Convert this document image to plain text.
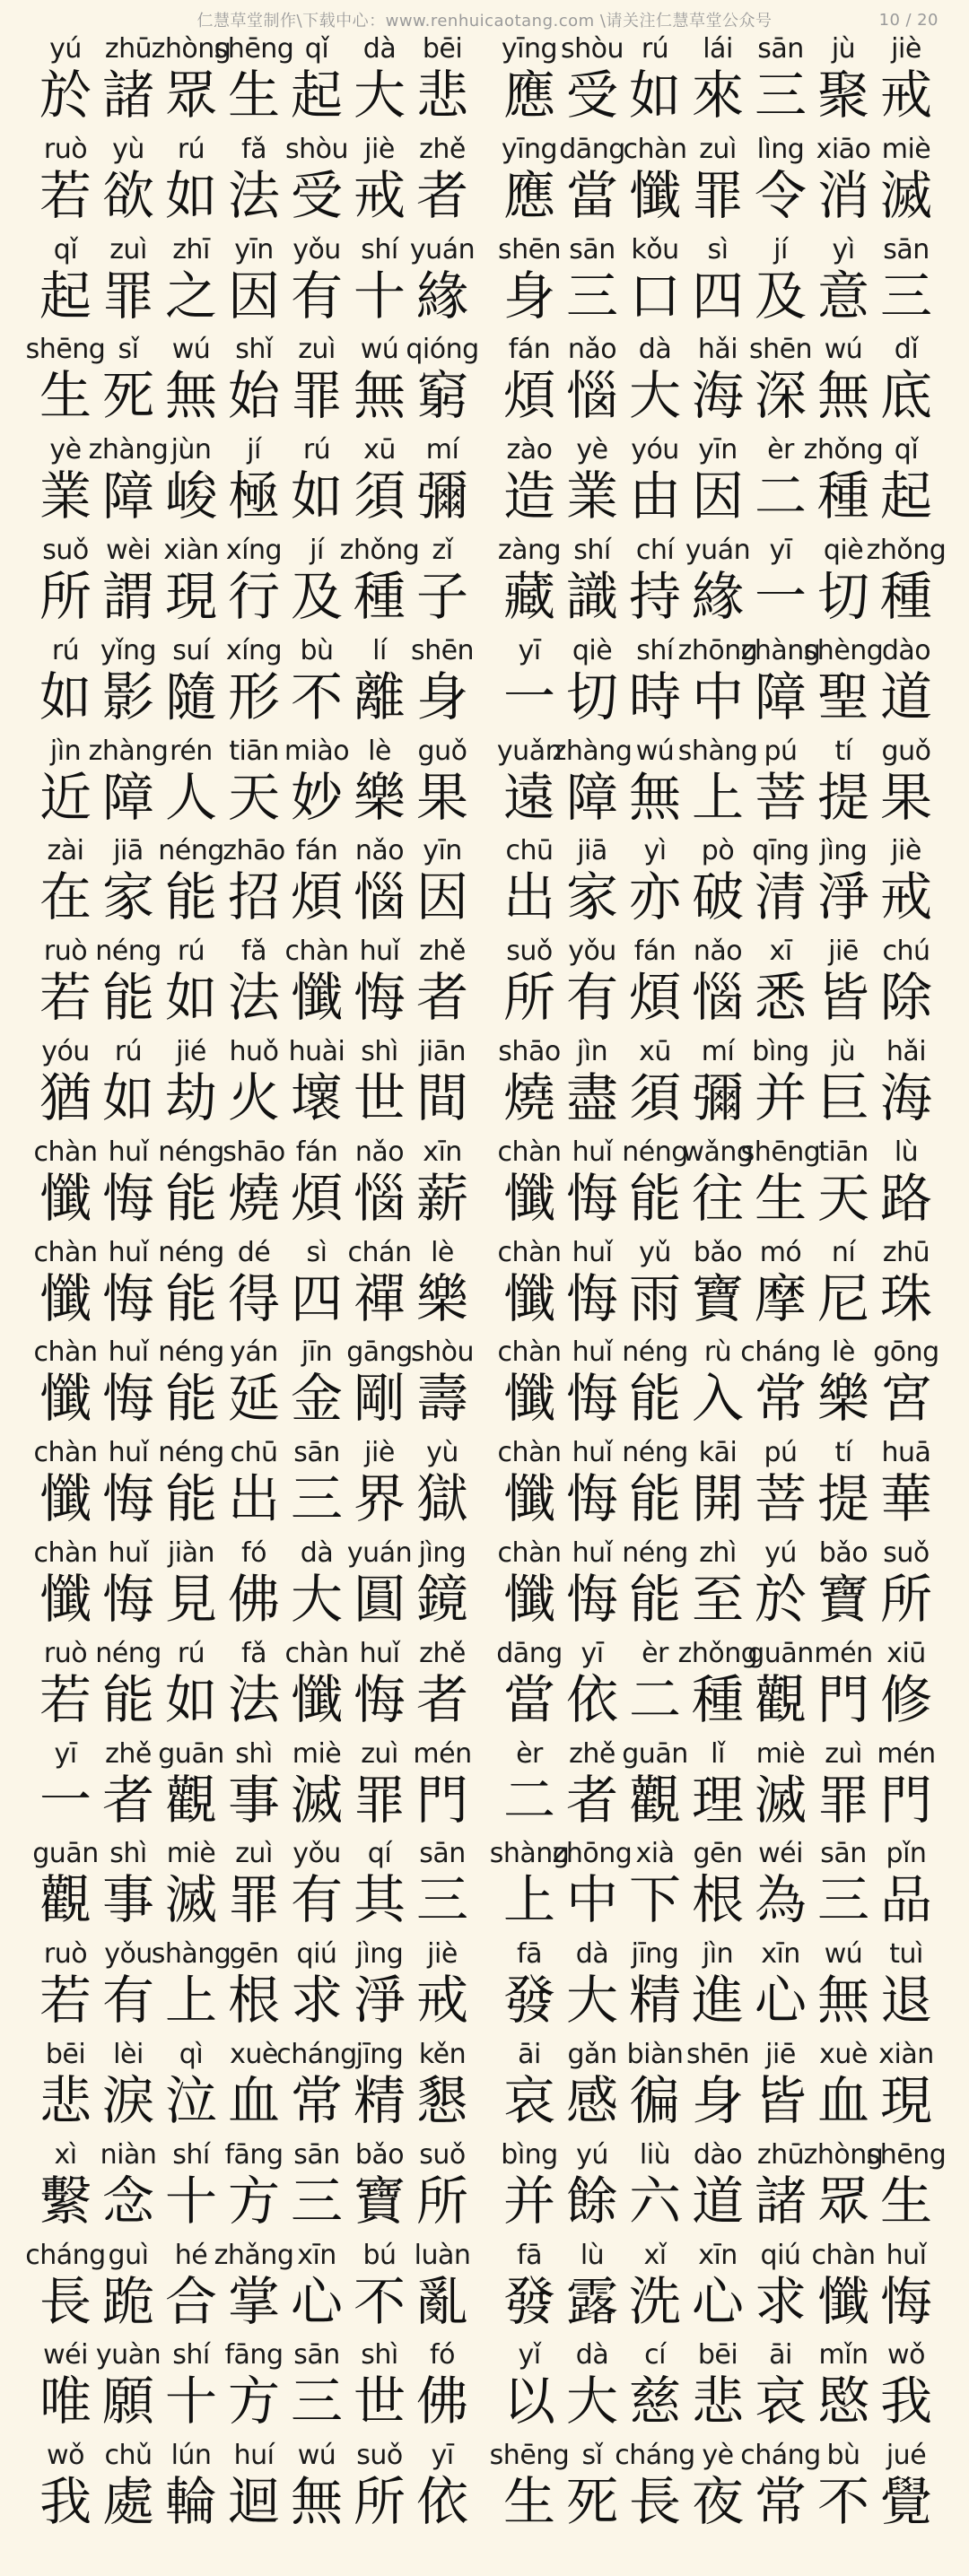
仁慧草堂制作\下载中心：www.renhuicaotang.com \请关注仁慧草堂公众号	10 / 20
yú
於
zhū
諸
zhòng
眾
shēng
生
qǐ
起
dà
大
bēi
悲
ruò
若
yù
欲
rú
如
fǎ
法
shòu
受
jiè
戒
zhě
者
qǐ
起
zuì
罪
zhī
之
yīn
因
yǒu
有
shí
十
yuán
緣
shēng
生
sǐ
死
wú
無
shǐ
始
zuì
罪
wú
無
qióng
窮
yè
業
zhàng
障
jùn
峻
jí
極
rú
如
xū
須
mí
彌
suǒ
所
wèi
謂
xiàn
現
xíng
行
jí
及
zhǒng
種
zǐ
子
rú
如
yǐng
影
suí
隨
xíng
形
bù
不
lí
離
shēn
身
jìn
近
zhàng
障
rén
人
tiān
天
miào
妙
lè
樂
guǒ
果
zài
在
jiā
家
néng
能
zhāo
招
fán
煩
nǎo
惱
yīn
因
ruò
若
néng
能
rú
如
fǎ
法
chàn
懺
huǐ
悔
zhě
者
yóu
猶
rú
如
jié
劫
huǒ
火
huài
壞
shì
世
jiān
間
chàn
懺
huǐ
悔
néng
能
shāo
燒
fán
煩
nǎo
惱
xīn
薪
chàn
懺
huǐ
悔
néng
能
dé
得
sì
四
chán
禪
lè
樂
chàn
懺
huǐ
悔
néng
能
yán
延
jīn
金
gāng
剛
shòu
壽
chàn
懺
huǐ
悔
néng
能
chū
出
sān
三
jiè
界
yù
獄
chàn
懺
huǐ
悔
jiàn
見
fó
佛
dà
大
yuán
圓
jìng
鏡
ruò
若
néng
能
rú
如
fǎ
法
chàn
懺
huǐ
悔
zhě
者
yī
一
zhě
者
guān
觀
shì
事
miè
滅
zuì
罪
mén
門
guān
觀
shì
事
miè
滅
zuì
罪
yǒu
有
qí
其
sān
三
ruò
若
yǒu
有
shàng
上
gēn
根
qiú
求
jìng
淨
jiè
戒
bēi
悲
lèi
淚
qì
泣
xuè
血
cháng
常
jīng
精
kěn
懇
xì
繫
niàn
念
shí
十
fāng
方
sān
三
bǎo
寶
suǒ
所
cháng
長
guì
跪
hé
合
zhǎng
掌
xīn
心
bú
不
luàn
亂
wéi
唯
yuàn
願
shí
十
fāng
方
sān
三
shì
世
fó
佛
wǒ
我
chǔ
處
lún
輪
huí
迴
wú
無
suǒ
所
yī
依
yīng
應
shòu
受
rú
如
lái
來
sān
三
jù
聚
jiè
戒
yīng
應
dāng
當
chàn
懺
zuì
罪
lìng
令
xiāo
消
miè
滅
shēn
身
sān
三
kǒu
口
sì
四
jí
及
yì
意
sān
三
fán
煩
nǎo
惱
dà
大
hǎi
海
shēn
深
wú
無
dǐ
底
zào
造
yè
業
yóu
由
yīn
因
èr
二
zhǒng
種
qǐ
起
zàng
藏
shí
識
chí
持
yuán
緣
yī
一
qiè
切
zhǒng
種
yī
一
qiè
切
shí
時
zhōng
中
zhàng
障
shèng
聖
dào
道
yuǎn
遠
zhàng
障
wú
無
shàng
上
pú
菩
tí
提
guǒ
果
chū
出
jiā
家
yì
亦
pò
破
qīng
清
jìng
淨
jiè
戒
suǒ
所
yǒu
有
fán
煩
nǎo
惱
xī
悉
jiē
皆
chú
除
shāo
燒
jìn
盡
xū
須
mí
彌
bìng
并
jù
巨
hǎi
海
chàn
懺
huǐ
悔
néng
能
wǎng
往
shēng
生
tiān
天
lù
路
chàn
懺
huǐ
悔
yǔ
雨
bǎo
寶
mó
摩
ní
尼
zhū
珠
chàn
懺
huǐ
悔
néng
能
rù
入
cháng
常
lè
樂
gōng
宮
chàn
懺
huǐ
悔
néng
能
kāi
開
pú
菩
tí
提
huā
華
chàn
懺
huǐ
悔
néng
能
zhì
至
yú
於
bǎo
寶
suǒ
所
dāng
當
yī
依
èr
二
zhǒng
種
guān
觀
mén
門
xiū
修
èr
二
zhě
者
guān
觀
lǐ
理
miè
滅
zuì
罪
mén
門
shàng
上
zhōng
中
xià
下
gēn
根
wéi
為
sān
三
pǐn
品
fā
發
dà
大
jīng
精
jìn
進
xīn
心
wú
無
tuì
退
āi
哀
gǎn
感
biàn
徧
shēn
身
jiē
皆
xuè
血
xiàn
現
bìng
并
yú
餘
liù
六
dào
道
zhū
諸
zhòng
眾
shēng
生
fā
發
lù
露
xǐ
洗
xīn
心
qiú
求
chàn
懺
huǐ
悔
yǐ
以
dà
大
cí
慈
bēi
悲
āi
哀
mǐn
愍
wǒ
我
shēng
生
sǐ
死
cháng
長
yè
夜
cháng
常
bù
不
jué
覺
